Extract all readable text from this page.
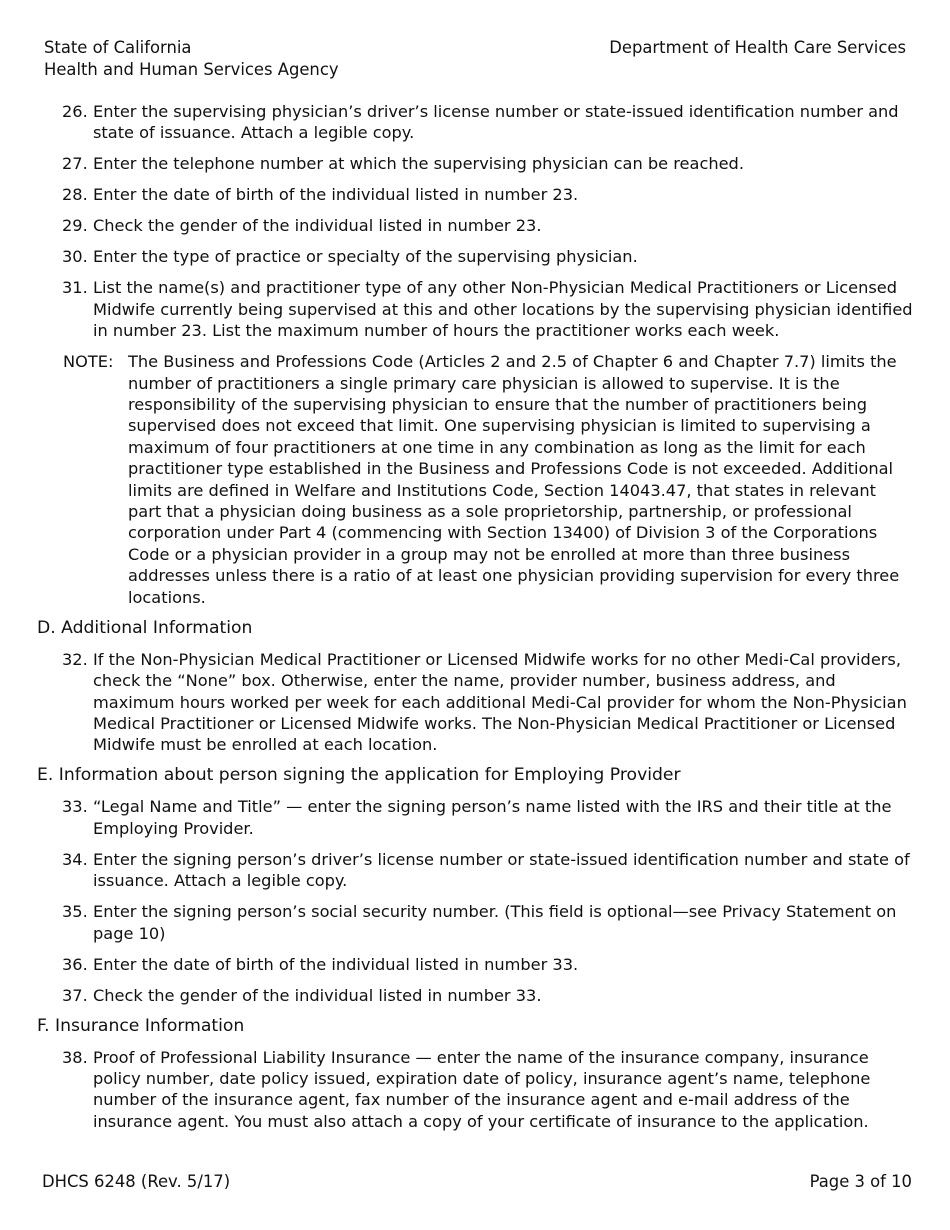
State of California
Health and Human Services Agency
Department of Health Care Services
26. Enter the supervising physician’s driver’s license number or state-issued identification number and state of issuance. Attach a legible copy.
27. Enter the telephone number at which the supervising physician can be reached.
28. Enter the date of birth of the individual listed in number 23.
29. Check the gender of the individual listed in number 23.
30. Enter the type of practice or specialty of the supervising physician.
31. List the name(s) and practitioner type of any other Non-Physician Medical Practitioners or Licensed Midwife currently being supervised at this and other locations by the supervising physician identified in number 23. List the maximum number of hours the practitioner works each week.
NOTE: The Business and Professions Code (Articles 2 and 2.5 of Chapter 6 and Chapter 7.7) limits the number of practitioners a single primary care physician is allowed to supervise. It is the responsibility of the supervising physician to ensure that the number of practitioners being supervised does not exceed that limit. One supervising physician is limited to supervising a maximum of four practitioners at one time in any combination as long as the limit for each practitioner type established in the Business and Professions Code is not exceeded. Additional limits are defined in Welfare and Institutions Code, Section 14043.47, that states in relevant part that a physician doing business as a sole proprietorship, partnership, or professional corporation under Part 4 (commencing with Section 13400) of Division 3 of the Corporations Code or a physician provider in a group may not be enrolled at more than three business addresses unless there is a ratio of at least one physician providing supervision for every three locations.
D. Additional Information
32. If the Non-Physician Medical Practitioner or Licensed Midwife works for no other Medi-Cal providers, check the “None” box. Otherwise, enter the name, provider number, business address, and maximum hours worked per week for each additional Medi-Cal provider for whom the Non-Physician Medical Practitioner or Licensed Midwife works. The Non-Physician Medical Practitioner or Licensed Midwife must be enrolled at each location.
E. Information about person signing the application for Employing Provider
33. “Legal Name and Title” — enter the signing person’s name listed with the IRS and their title at the Employing Provider.
34. Enter the signing person’s driver’s license number or state-issued identification number and state of issuance. Attach a legible copy.
35. Enter the signing person’s social security number. (This field is optional—see Privacy Statement on page 10)
36. Enter the date of birth of the individual listed in number 33.
37. Check the gender of the individual listed in number 33.
F. Insurance Information
38. Proof of Professional Liability Insurance — enter the name of the insurance company, insurance policy number, date policy issued, expiration date of policy, insurance agent’s name, telephone number of the insurance agent, fax number of the insurance agent and e-mail address of the insurance agent. You must also attach a copy of your certificate of insurance to the application.
DHCS 6248 (Rev. 5/17)	Page 3 of 10
